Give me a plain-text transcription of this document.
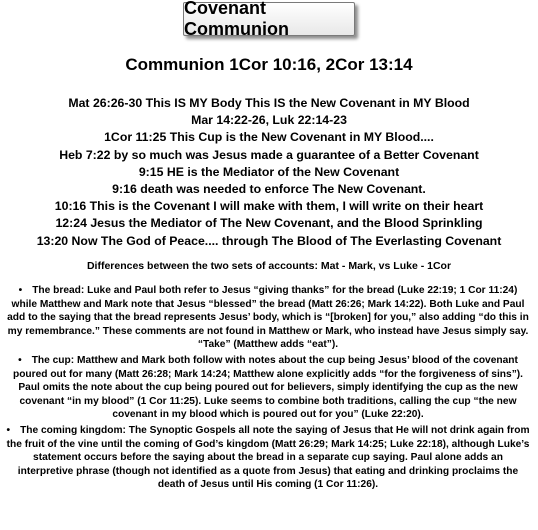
Covenant Communion
Communion 1Cor 10:16, 2Cor 13:14
Mat 26:26-30 This IS MY Body This IS the New Covenant in MY Blood
Mar 14:22-26, Luk 22:14-23
1Cor 11:25 This Cup is the New Covenant in MY Blood....
Heb 7:22 by so much was Jesus made a guarantee of a Better Covenant
9:15 HE is the Mediator of the New Covenant
9:16 death was needed to enforce The New Covenant.
10:16 This is the Covenant I will make with them, I will write on their heart
12:24 Jesus the Mediator of The New Covenant, and the Blood Sprinkling
13:20 Now The God of Peace.... through The Blood of The Everlasting Covenant
Differences between the two sets of accounts: Mat - Mark, vs Luke - 1Cor
• The bread: Luke and Paul both refer to Jesus “giving thanks” for the bread (Luke 22:19; 1 Cor 11:24) while Matthew and Mark note that Jesus “blessed” the bread (Matt 26:26; Mark 14:22). Both Luke and Paul add to the saying that the bread represents Jesus’ body, which is “[broken] for you,” also adding “do this in my remembrance.” These comments are not found in Matthew or Mark, who instead have Jesus simply say. “Take” (Matthew adds “eat”).
• The cup: Matthew and Mark both follow with notes about the cup being Jesus’ blood of the covenant poured out for many (Matt 26:28; Mark 14:24; Matthew alone explicitly adds “for the forgiveness of sins”). Paul omits the note about the cup being poured out for believers, simply identifying the cup as the new covenant “in my blood” (1 Cor 11:25). Luke seems to combine both traditions, calling the cup “the new covenant in my blood which is poured out for you” (Luke 22:20).
• The coming kingdom: The Synoptic Gospels all note the saying of Jesus that He will not drink again from the fruit of the vine until the coming of God’s kingdom (Matt 26:29; Mark 14:25; Luke 22:18), although Luke’s statement occurs before the saying about the bread in a separate cup saying. Paul alone adds an interpretive phrase (though not identified as a quote from Jesus) that eating and drinking proclaims the death of Jesus until His coming (1 Cor 11:26).
